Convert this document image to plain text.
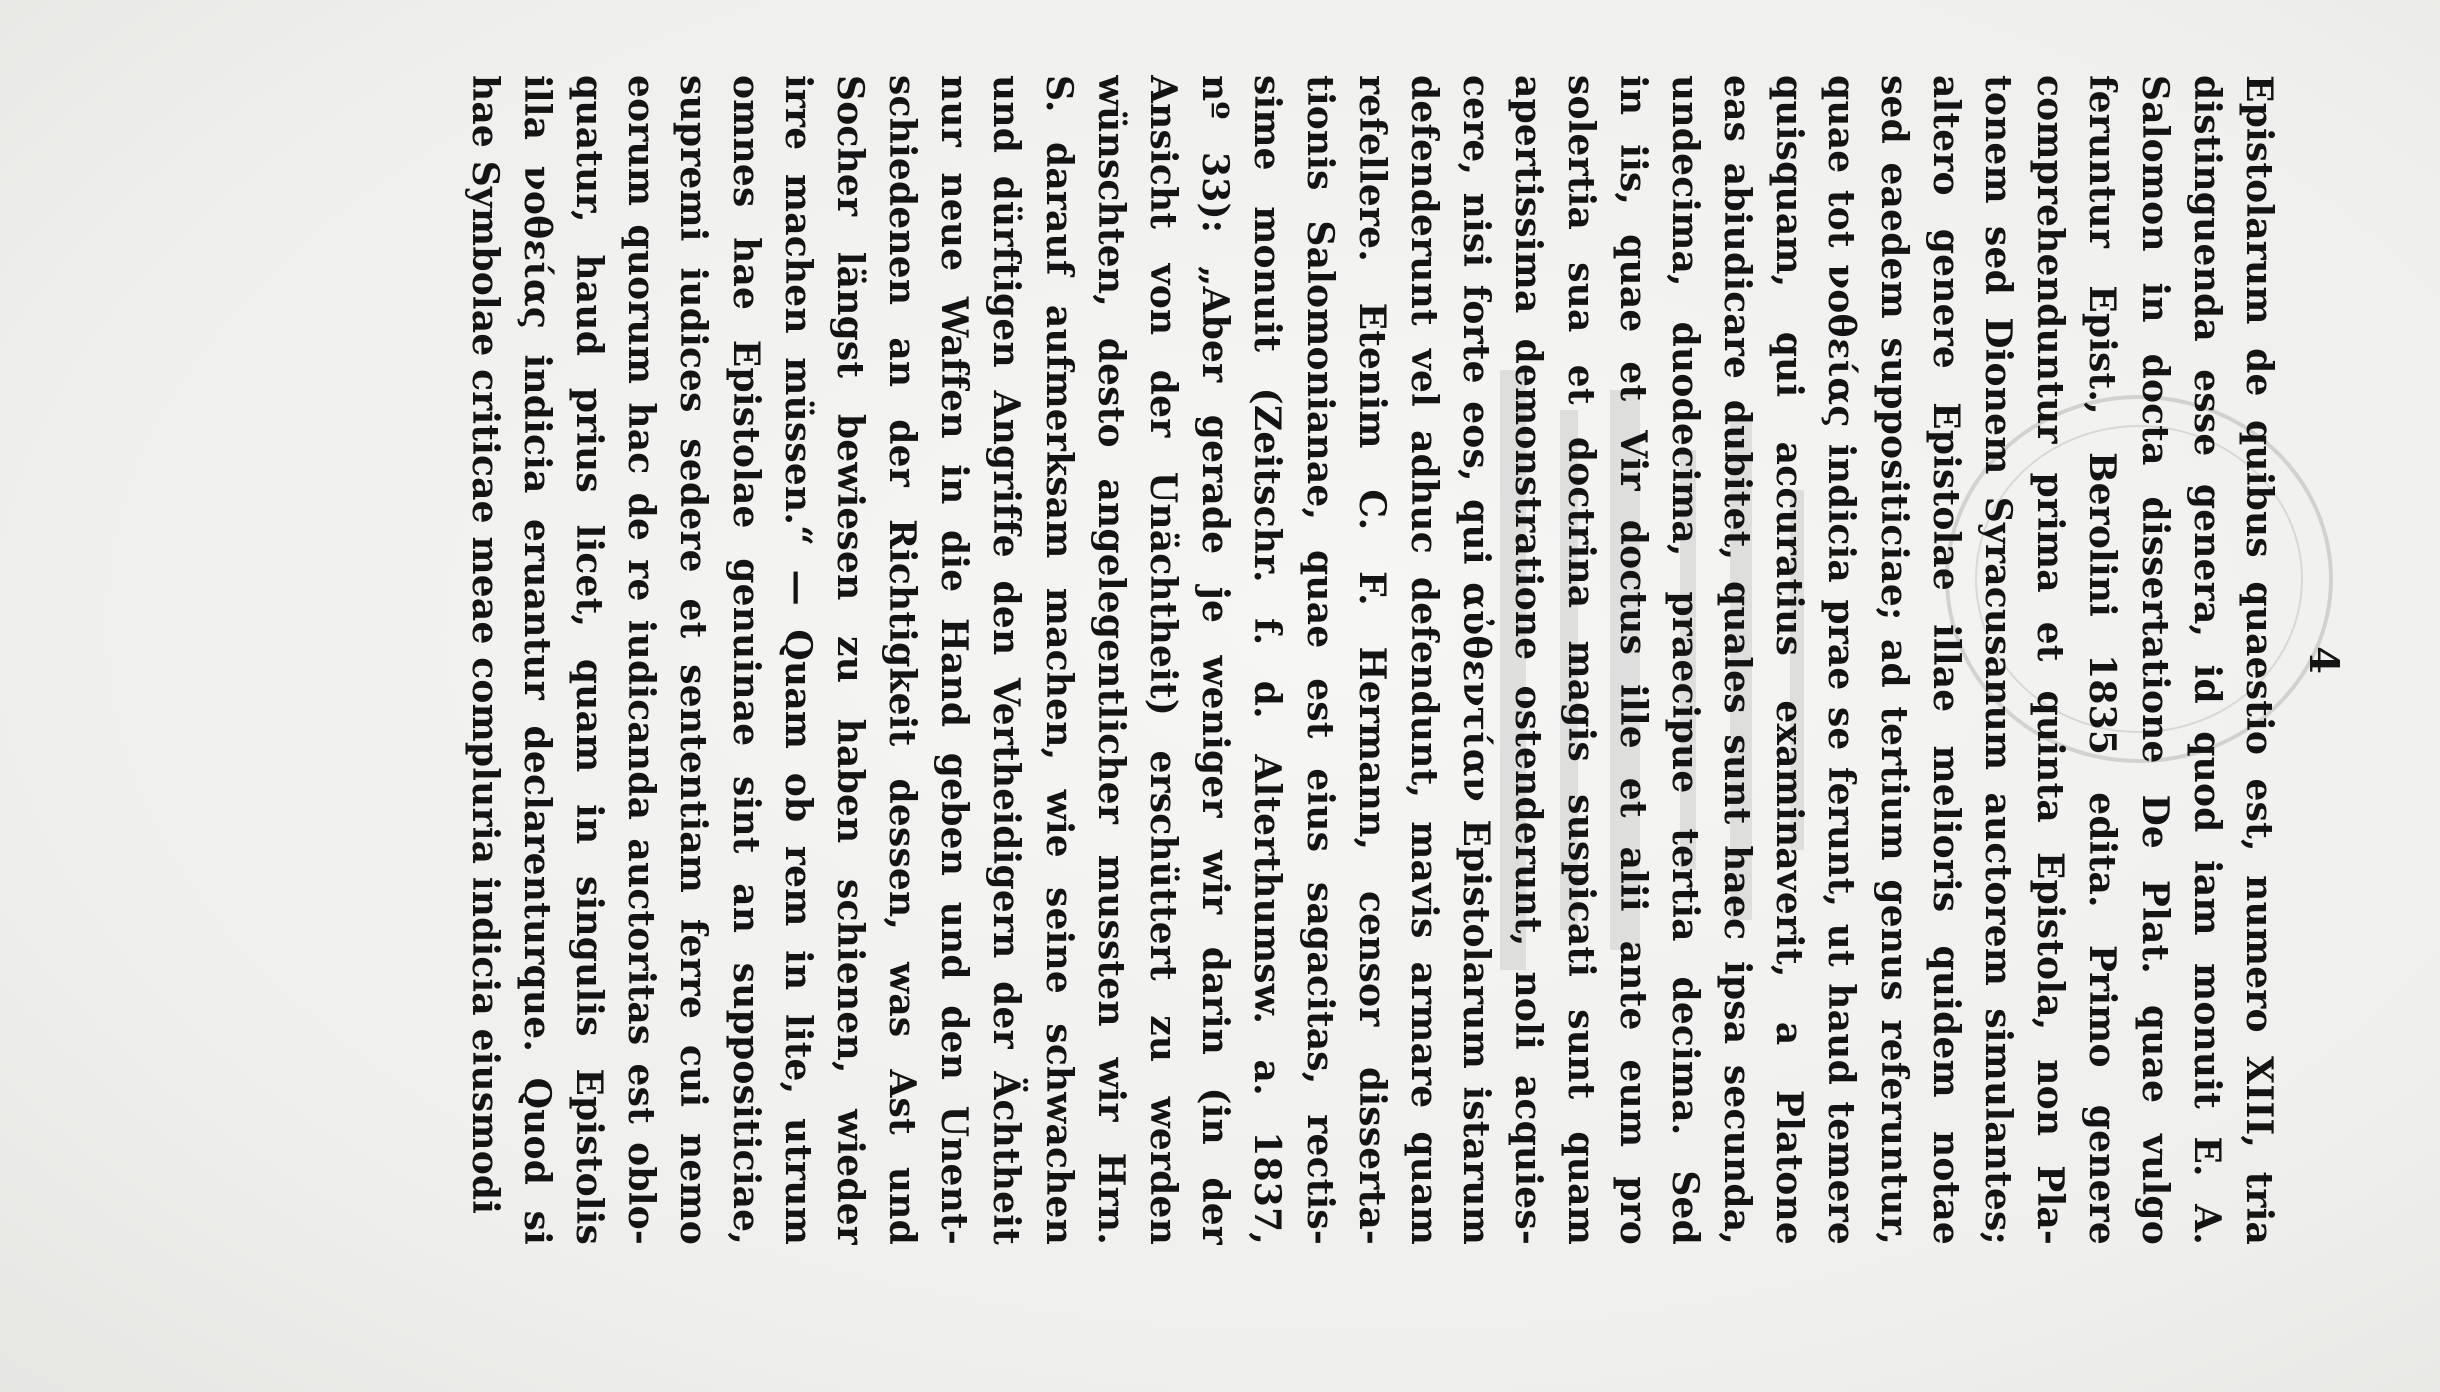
4
Epistolarum de quibus quaestio est, numero XIII, tria
distinguenda esse genera, id quod iam monuit E. A.
Salomon in docta dissertatione De Plat. quae vulgo
feruntur Epist., Berolini 1835 edita. Primo genere
comprehenduntur prima et quinta Epistola, non Pla-
tonem sed Dionem Syracusanum auctorem simulantes;
altero genere Epistolae illae melioris quidem notae
sed eaedem suppositiciae; ad tertium genus referuntur,
quae tot νοθείας indicia prae se ferunt, ut haud temere
quisquam, qui accuratius examinaverit, a Platone
eas abiudicare dubitet, quales sunt haec ipsa secunda,
undecima, duodecima, praecipue tertia decima. Sed
in iis, quae et Vir doctus ille et alii ante eum pro
solertia sua et doctrina magis suspicati sunt quam
apertissima demonstratione ostenderunt, noli acquies-
cere, nisi forte eos, qui αὐθεντίαν Epistolarum istarum
defenderunt vel adhuc defendunt, mavis armare quam
refellere. Etenim C. F. Hermann, censor disserta-
tionis Salomonianae, quae est eius sagacitas, rectis-
sime monuit (Zeitschr. f. d. Alterthumsw. a. 1837,
nº 33): „Aber gerade je weniger wir darin (in der
Ansicht von der Unächtheit) erschüttert zu werden
wünschten, desto angelegentlicher mussten wir Hrn.
S. darauf aufmerksam machen, wie seine schwachen
und dürftigen Angriffe den Vertheidigern der Ächtheit
nur neue Waffen in die Hand geben und den Unent-
schiedenen an der Richtigkeit dessen, was Ast und
Socher längst bewiesen zu haben schienen, wieder
irre machen müssen.“ — Quam ob rem in lite, utrum
omnes hae Epistolae genuinae sint an suppositiciae,
supremi iudices sedere et sententiam ferre cui nemo
eorum quorum hac de re iudicanda auctoritas est oblo-
quatur, haud prius licet, quam in singulis Epistolis
illa νοθείας indicia eruantur declarenturque. Quod si
hae Symbolae criticae meae compluria indicia eiusmodi
